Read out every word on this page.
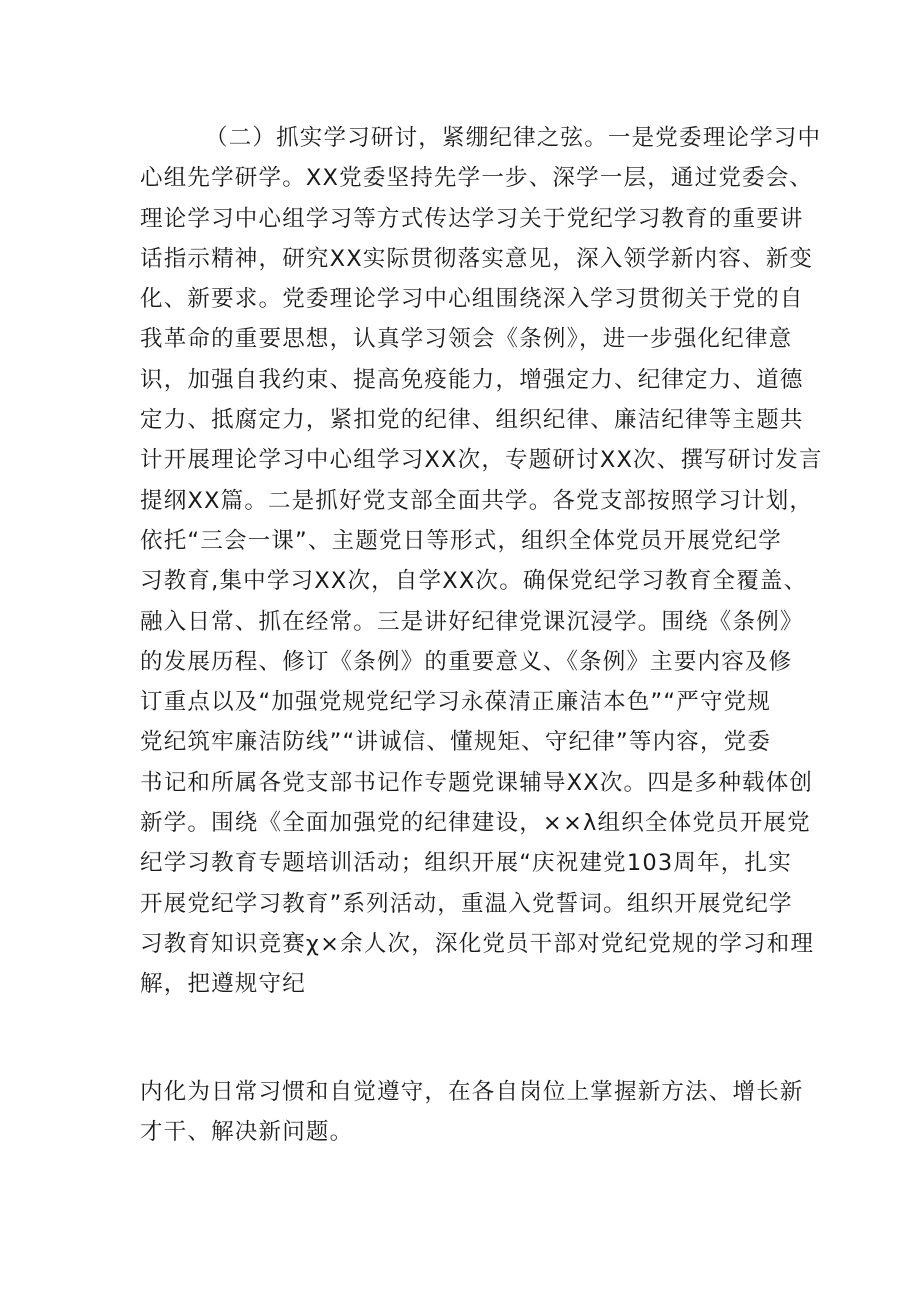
（二）抓实学习研讨，紧绷纪律之弦。一是党委理论学习中
心组先学研学。XX党委坚持先学一步、深学一层，通过党委会、
理论学习中心组学习等方式传达学习关于党纪学习教育的重要讲
话指示精神，研究XX实际贯彻落实意见，深入领学新内容、新变
化、新要求。党委理论学习中心组围绕深入学习贯彻关于党的自
我革命的重要思想，认真学习领会《条例》，进一步强化纪律意
识，加强自我约束、提高免疫能力，增强定力、纪律定力、道德
定力、抵腐定力，紧扣党的纪律、组织纪律、廉洁纪律等主题共
计开展理论学习中心组学习XX次，专题研讨XX次、撰写研讨发言
提纲XX篇。二是抓好党支部全面共学。各党支部按照学习计划，
依托“三会一课”、主题党日等形式，组织全体党员开展党纪学
习教育,集中学习XX次，自学XX次。确保党纪学习教育全覆盖、
融入日常、抓在经常。三是讲好纪律党课沉浸学。围绕《条例》
的发展历程、修订《条例》的重要意义、《条例》主要内容及修
订重点以及“加强党规党纪学习永葆清正廉洁本色”“严守党规
党纪筑牢廉洁防线”“讲诚信、懂规矩、守纪律”等内容，党委
书记和所属各党支部书记作专题党课辅导XX次。四是多种载体创
新学。围绕《全面加强党的纪律建设，××λ组织全体党员开展党
纪学习教育专题培训活动；组织开展“庆祝建党103周年，扎实
开展党纪学习教育”系列活动，重温入党誓词。组织开展党纪学
习教育知识竞赛χ×余人次，深化党员干部对党纪党规的学习和理
解，把遵规守纪
内化为日常习惯和自觉遵守，在各自岗位上掌握新方法、增长新
才干、解决新问题。
